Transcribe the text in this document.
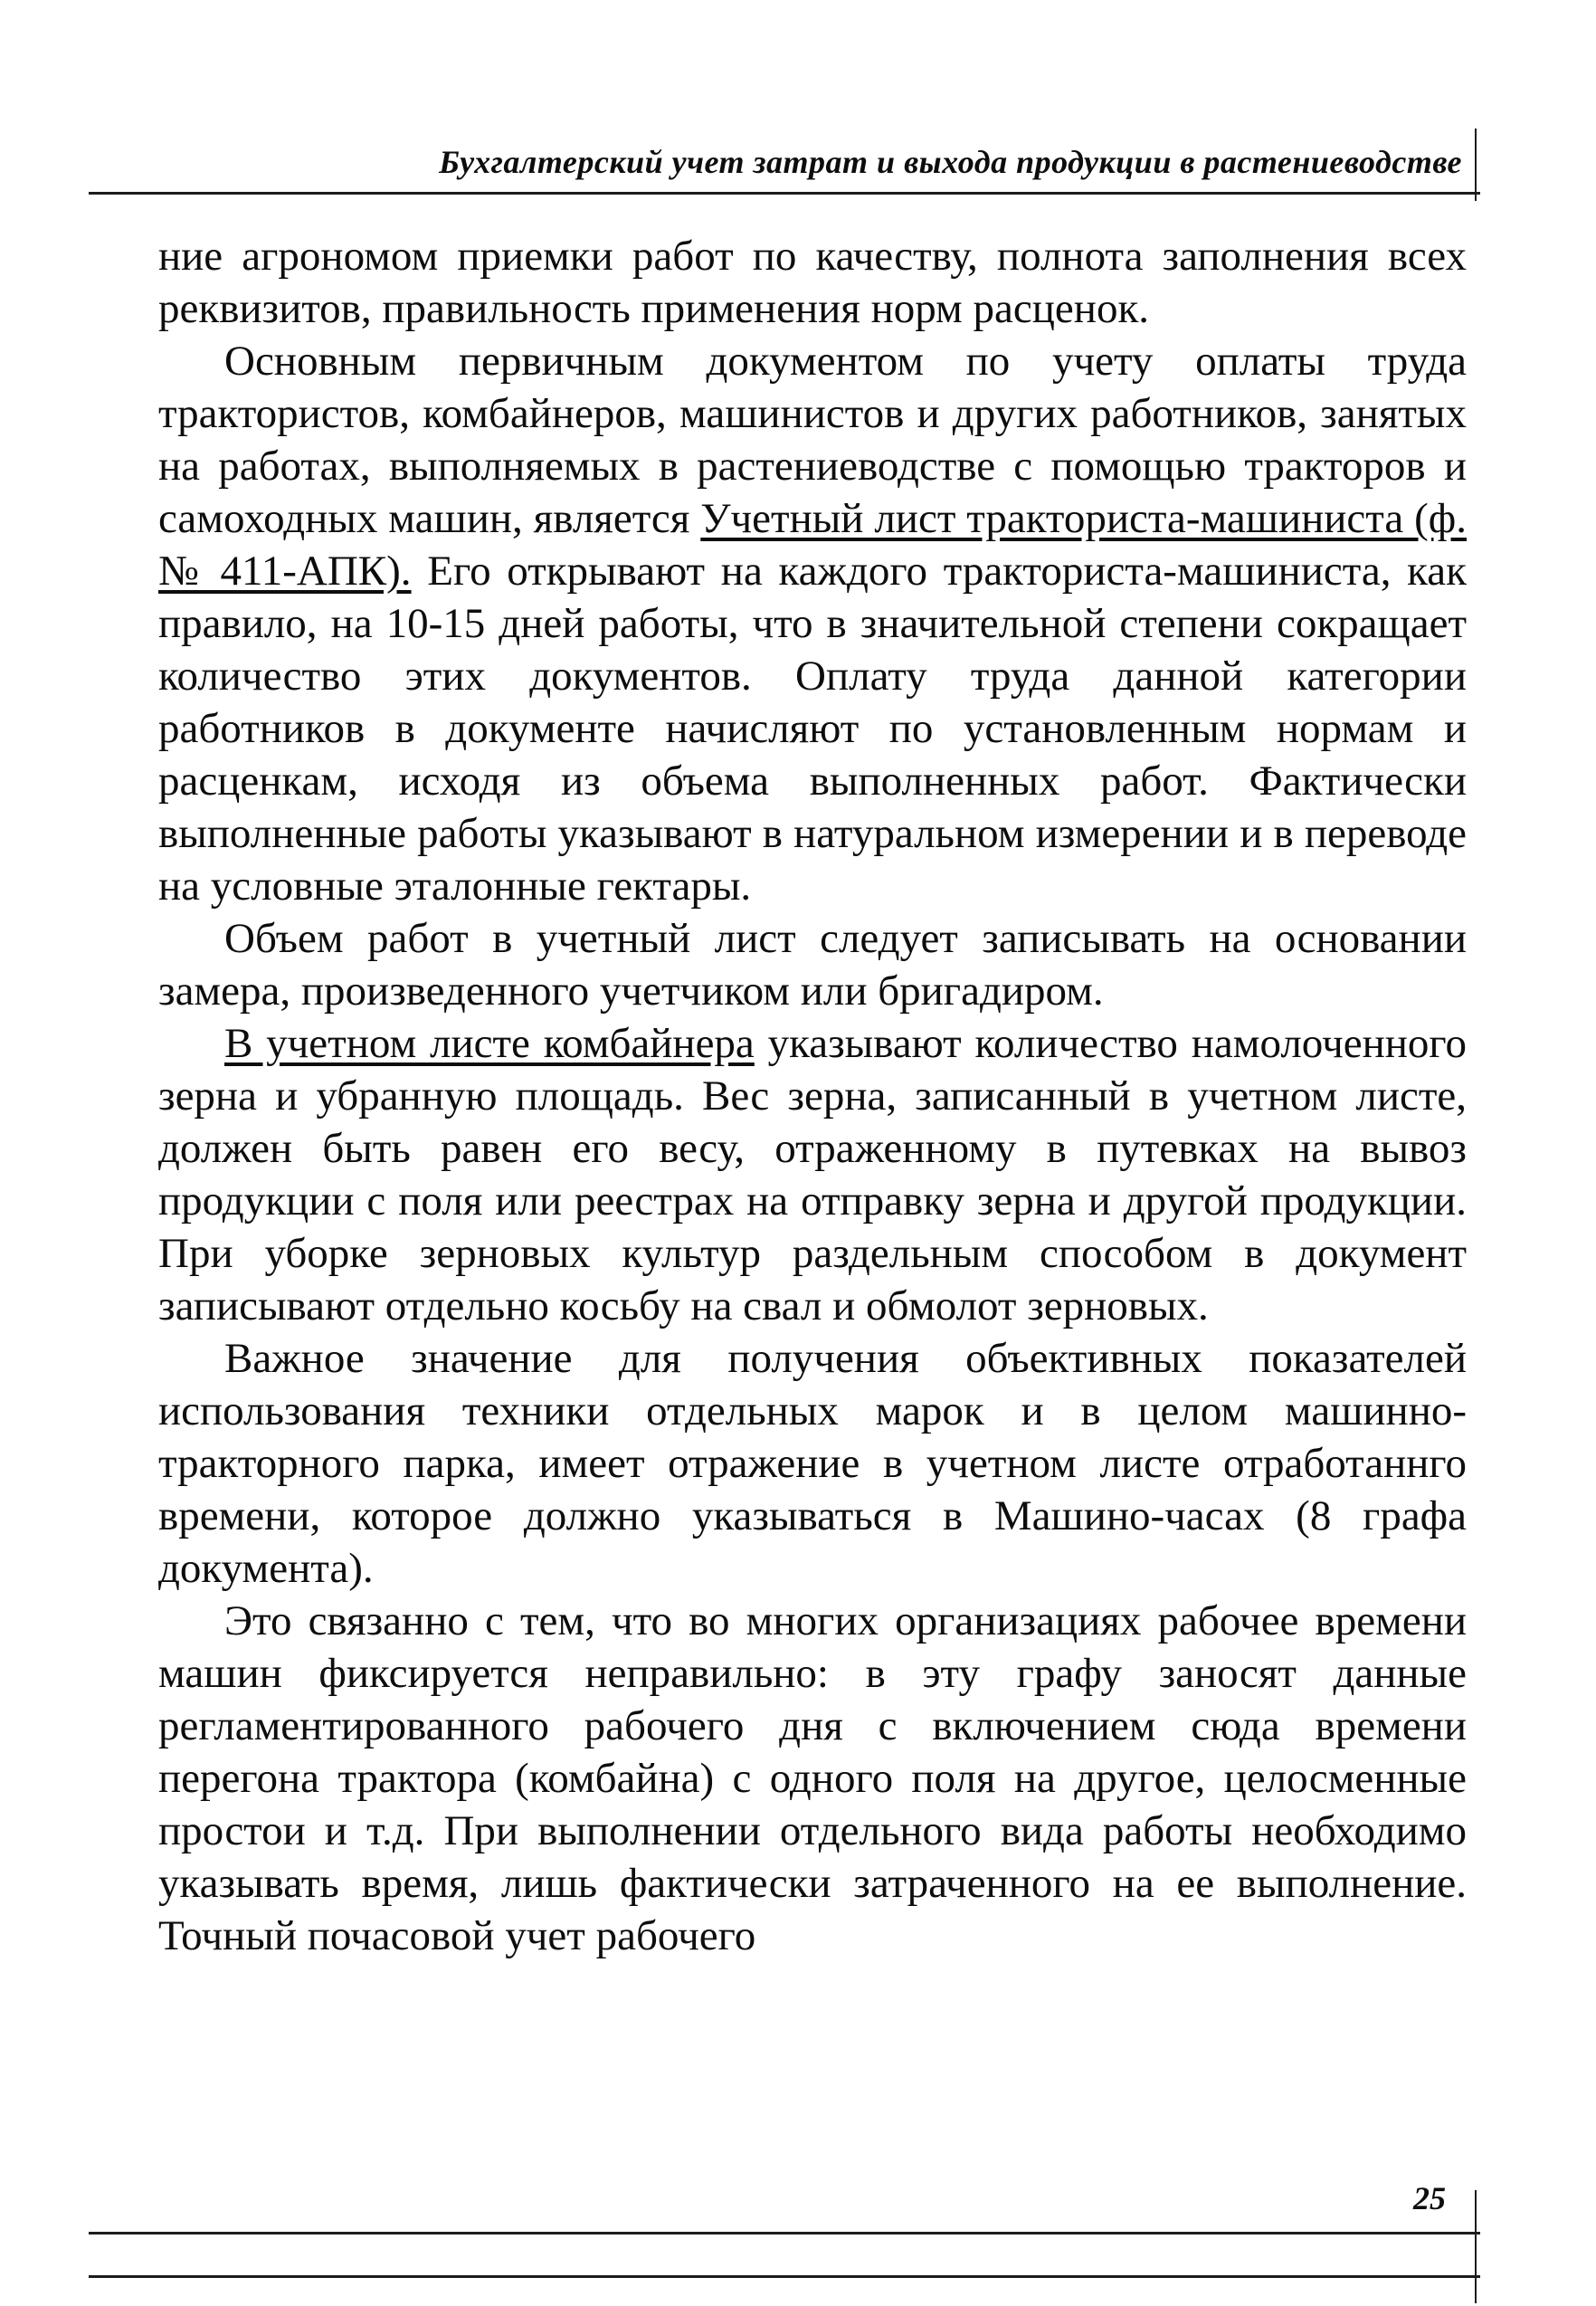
Бухгалтерский учет затрат и выхода продукции в растениеводстве

ние агрономом приемки работ по качеству, полнота заполнения всех реквизитов, правильность применения норм расценок.

Основным первичным документом по учету оплаты труда трактористов, комбайнеров, машинистов и других работников, занятых на работах, выполняемых в растениеводстве с помощью тракторов и самоходных машин, является Учетный лист тракториста-машиниста (ф. № 411-АПК). Его открывают на каждого тракториста-машиниста, как правило, на 10-15 дней работы, что в значительной степени сокращает количество этих документов. Оплату труда данной категории работников в документе начисляют по установленным нормам и расценкам, исходя из объема выполненных работ. Фактически выполненные работы указывают в натуральном измерении и в переводе на условные эталонные гектары.

Объем работ в учетный лист следует записывать на основании замера, произведенного учетчиком или бригадиром.

В учетном листе комбайнера указывают количество намолоченного зерна и убранную площадь. Вес зерна, записанный в учетном листе, должен быть равен его весу, отраженному в путевках на вывоз продукции с поля или реестрах на отправку зерна и другой продукции. При уборке зерновых культур раздельным способом в документ записывают отдельно косьбу на свал и обмолот зерновых.

Важное значение для получения объективных показателей использования техники отдельных марок и в целом машинно-тракторного парка, имеет отражение в учетном листе отработаннго времени, которое должно указываться в Машино-часах (8 графа документа).

Это связанно с тем, что во многих организациях рабочее времени машин фиксируется неправильно: в эту графу заносят данные регламентированного рабочего дня с включением сюда времени перегона трактора (комбайна) с одного поля на другое, целосменные простои и т.д. При выполнении отдельного вида работы необходимо указывать время, лишь фактически затраченного на ее выполнение. Точный почасовой учет рабочего

25
